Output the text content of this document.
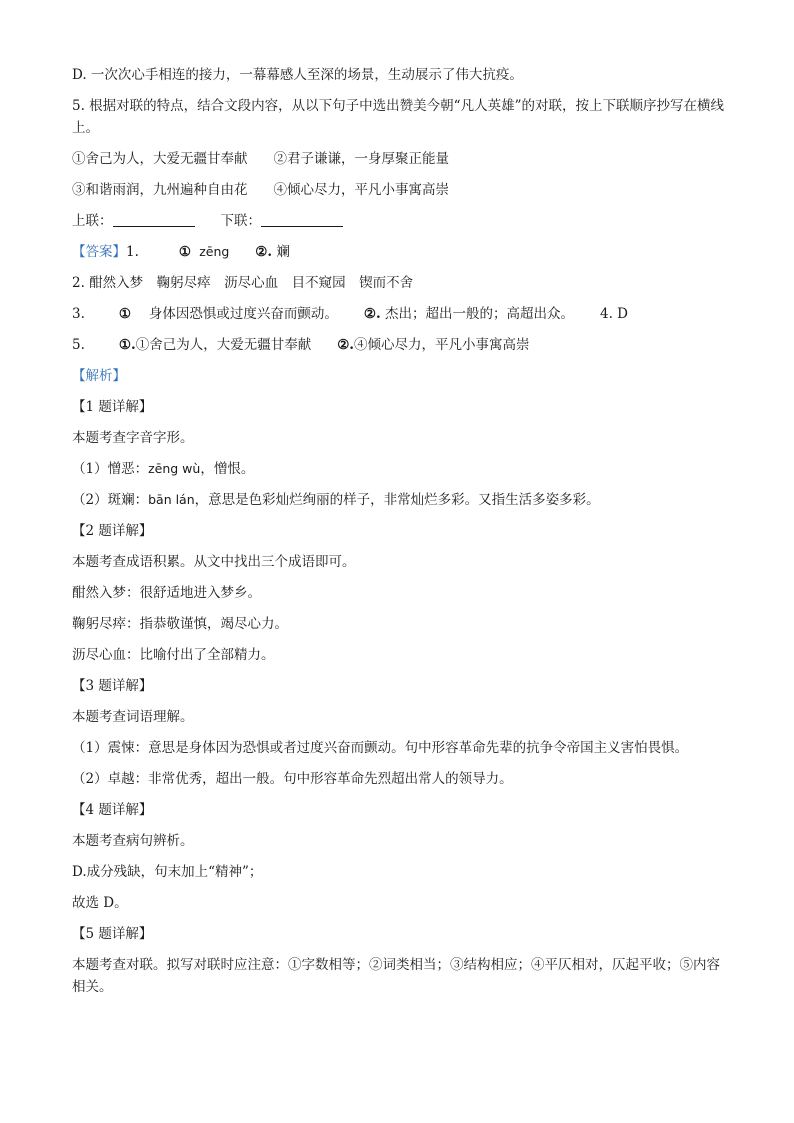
D. 一次次心手相连的接力，一幕幕感人至深的场景，生动展示了伟大抗疫。
5. 根据对联的特点，结合文段内容，从以下句子中选出赞美今朝“凡人英雄”的对联，按上下联顺序抄写在横线上。
①舍己为人，大爱无疆甘奉献 ②君子谦谦，一身厚聚正能量
③和谐雨润，九州遍种自由花 ④倾心尽力，平凡小事寓高崇
上联：	下联：
【答案】1.	① zēng ②. 斓
2. 酣然入梦　鞠躬尽瘁　沥尽心血　目不窥园　锲而不舍
3.	① 身体因恐惧或过度兴奋而颤动。 ②. 杰出；超出一般的；高超出众。 4. D
5.	①.①舍己为人，大爱无疆甘奉献 ②.④倾心尽力，平凡小事寓高崇
【解析】
【1 题详解】
本题考查字音字形。
（1）憎恶：zēng wù，憎恨。
（2）斑斓：bān lán，意思是色彩灿烂绚丽的样子，非常灿烂多彩。又指生活多姿多彩。
【2 题详解】
本题考查成语积累。从文中找出三个成语即可。
酣然入梦：很舒适地进入梦乡。
鞠躬尽瘁：指恭敬谨慎，竭尽心力。
沥尽心血：比喻付出了全部精力。
【3 题详解】
本题考查词语理解。
（1）震悚：意思是身体因为恐惧或者过度兴奋而颤动。句中形容革命先辈的抗争令帝国主义害怕畏惧。
（2）卓越：非常优秀，超出一般。句中形容革命先烈超出常人的领导力。
【4 题详解】
本题考查病句辨析。
D.成分残缺，句末加上“精神”；
故选 D。
【5 题详解】
本题考查对联。拟写对联时应注意：①字数相等；②词类相当；③结构相应；④平仄相对，仄起平收；⑤内容相关。
